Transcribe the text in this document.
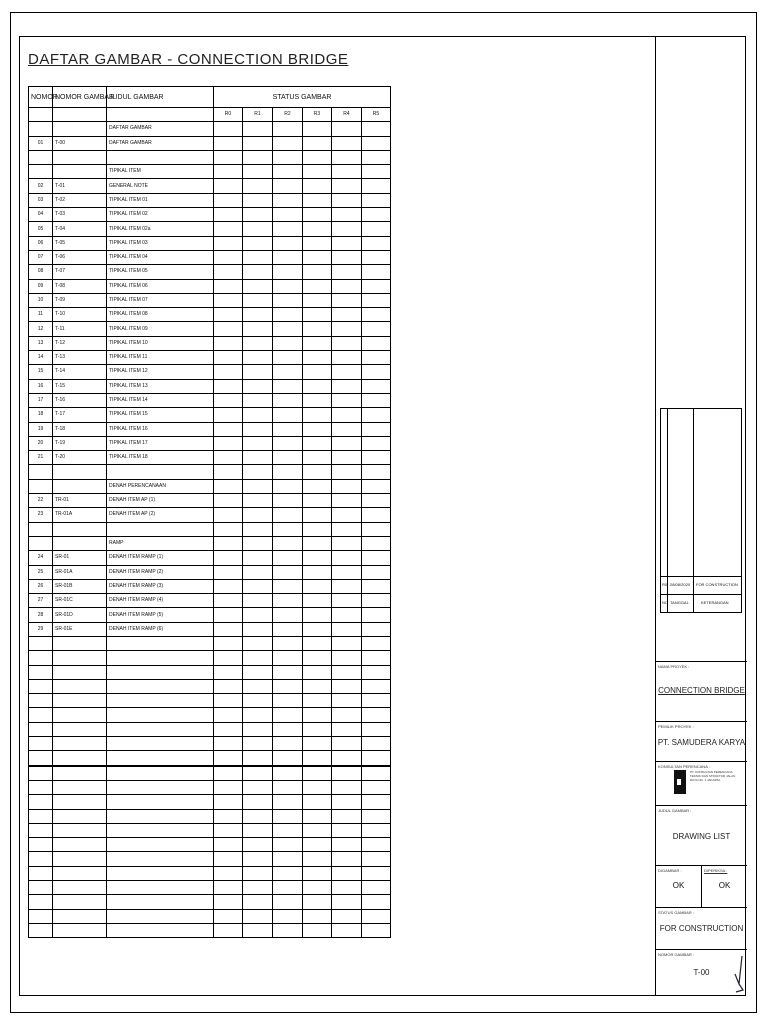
DAFTAR GAMBAR - CONNECTION BRIDGE
NOMOR	NOMOR GAMBAR	JUDUL GAMBAR	STATUS GAMBAR					
			R0	R1	R2	R3	R4	R5
		DAFTAR GAMBAR						
01	T-00	DAFTAR GAMBAR						

		TIPIKAL ITEM						
02	T-01	GENERAL NOTE						
03	T-02	TIPIKAL ITEM 01						
04	T-03	TIPIKAL ITEM 02						
05	T-04	TIPIKAL ITEM 02a						
06	T-05	TIPIKAL ITEM 03						
07	T-06	TIPIKAL ITEM 04						
08	T-07	TIPIKAL ITEM 05						
09	T-08	TIPIKAL ITEM 06						
10	T-09	TIPIKAL ITEM 07						
11	T-10	TIPIKAL ITEM 08						
12	T-11	TIPIKAL ITEM 09						
13	T-12	TIPIKAL ITEM 10						
14	T-13	TIPIKAL ITEM 11						
15	T-14	TIPIKAL ITEM 12						
16	T-15	TIPIKAL ITEM 13						
17	T-16	TIPIKAL ITEM 14						
18	T-17	TIPIKAL ITEM 15						
19	T-18	TIPIKAL ITEM 16						
20	T-19	TIPIKAL ITEM 17						
21	T-20	TIPIKAL ITEM 18						

		DENAH PERENCANAAN						
22	TR-01	DENAH ITEM AP (1)						
23	TR-01A	DENAH ITEM AP (2)						

		RAMP						
24	SR-01	DENAH ITEM RAMP (1)						
25	SR-01A	DENAH ITEM RAMP (2)						
26	SR-01B	DENAH ITEM RAMP (3)						
27	SR-01C	DENAH ITEM RAMP (4)						
28	SR-01D	DENAH ITEM RAMP (5)						
29	SR-01E	DENAH ITEM RAMP (6)						

R0 28/08/2020 FOR CONSTRUCTION
NO TANGGAL	KETERANGAN
NAMA PROYEK :
CONNECTION BRIDGE
PEMILIK PROYEK :
PT. SAMUDERA KARYA
KONSULTAN PERENCANA :
PT. KONSULTAN PERENCANA TEKNIK DAN STRUKTUR JALAN RAYA NO. 1 JAKARTA
JUDUL GAMBAR :
DRAWING LIST
DIGAMBAR :	DIPERIKSA :
OK	OK
STATUS GAMBAR :
FOR CONSTRUCTION
NOMOR GAMBAR :
T-00
